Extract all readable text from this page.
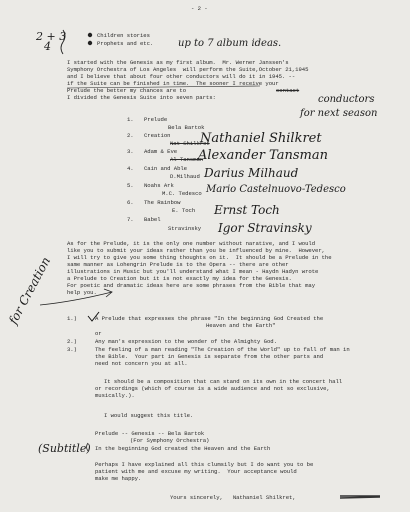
- 2 -
2 + 3
4
Children stories
Prophets and etc. up to 7 album ideas.
I started with the Genesis as my first album.  Mr. Werner Janssen's
Symphony Orchestra of Los Angeles  will perform the Suite,October 21,1945
and I believe that about four other conductors will do it in 1945. --
if the Suite can be finished in time.  The sooner I receive your
Prelude the better my chances are to	contact
I divided the Genesis Suite into seven parts:	conductors
for next season
1. Prelude
Bela Bartok
2. Creation
Nat Shilkret
3. Adam & Eve
Al Tansman
4. Cain and Able
D.Milhaud
5. Noahs Ark
M.C. Tedesco
6. The Rainbow
E. Toch
7. Babel
Stravinsky
Nathaniel Shilkret
Alexander Tansman
Darius Milhaud
Mario Castelnuovo-Tedesco
Ernst Toch
Igor Stravinsky
As for the Prelude, it is the only one number without narative, and I would
like you to submit your ideas rather than you be influenced by mine.  However,
I will try to give you some thing thoughts on it.  It should be a Prelude in the
same manner as Lohengrin Prelude is to the Opera -- there are other
illustrations in Music but you'll understand what I mean - Haydn Hadyn wrote
a Prelude to Creation but it is not exactly my idea for the Genesis.
For poetic and dramatic ideas here are some phrases from the Bible that may
help you.
for Creation 1.)	A Prelude that expresses the phrase "In the beginning God Created the
Heaven and the Earth"
or
2.)	Any man's expression to the wonder of the Almighty God.
3.)	The feeling of a man reading "The Creation of the World" up to fall of man in
the Bible.  Your part in Genesis is separate from the other parts and
need not concern you at all.
It should be a composition that can stand on its own in the concert hall
or recordings (which of course is a wide audience and not so exclusive,
musically.).
I would suggest this title.
Prelude -- Genesis -- Bela Bartok
(For Symphony Orchestra)
In the beginning God created the Heaven and the Earth
(Subtitle)
Perhaps I have explained all this clumsily but I do want you to be
patient with me and excuse my writing.  Your acceptance would
make me happy.
Yours sincerely,   Nathaniel Shilkret,
